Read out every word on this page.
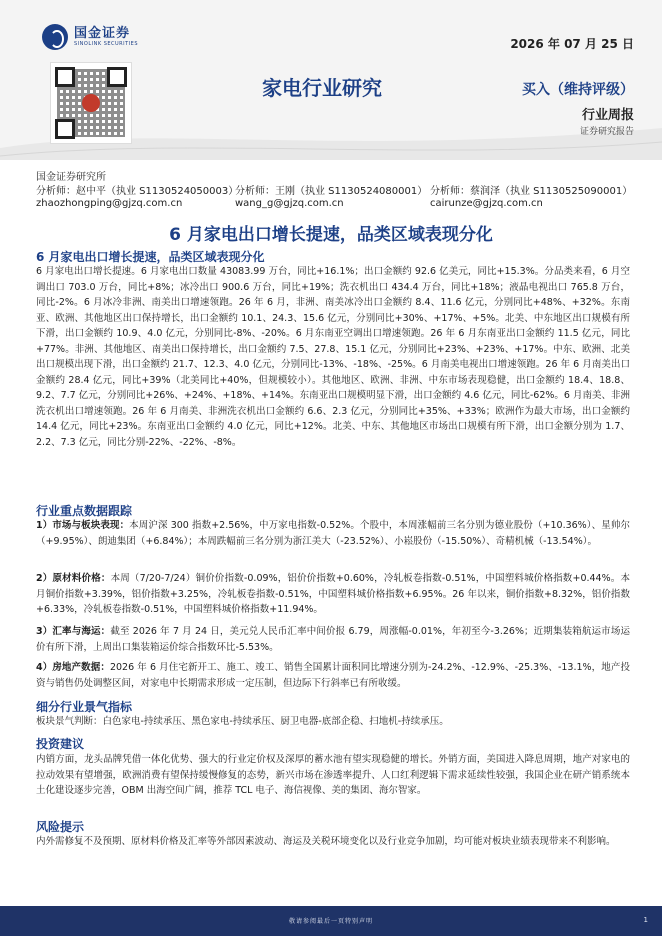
国金证券
SINOLINK SECURITIES	2026 年 07 月 25 日
家电行业研究	买入（维持评级）
行业周报
证券研究报告
国金证券研究所
分析师：赵中平（执业 S1130524050003）
zhaozhongping@gjzq.com.cn
分析师：王刚（执业 S1130524080001）
wang_g@gjzq.com.cn
分析师：蔡润泽（执业 S1130525090001）
cairunze@gjzq.com.cn
6 月家电出口增长提速，品类区域表现分化
6 月家电出口增长提速，品类区域表现分化
6 月家电出口增长提速。6 月家电出口数量 43083.99 万台，同比+16.1%；出口金额约 92.6 亿美元，同比+15.3%。分品类来看，6 月空调出口 703.0 万台，同比+8%；冰冷出口 900.6 万台，同比+19%；洗衣机出口 434.4 万台，同比+18%；液晶电视出口 765.8 万台，同比-2%。6 月冰冷非洲、南美出口增速领跑。26 年 6 月，非洲、南美冰冷出口金额约 8.4、11.6 亿元，分别同比+48%、+32%。东南亚、欧洲、其他地区出口保持增长，出口金额约 10.1、24.3、15.6 亿元，分别同比+30%、+17%、+5%。北美、中东地区出口规模有所下滑，出口金额约 10.9、4.0 亿元，分别同比-8%、-20%。6 月东南亚空调出口增速领跑。26 年 6 月东南亚出口金额约 11.5 亿元，同比+77%。非洲、其他地区、南美出口保持增长，出口金额约 7.5、27.8、15.1 亿元，分别同比+23%、+23%、+17%。中东、欧洲、北美出口规模出现下滑，出口金额约 21.7、12.3、4.0 亿元，分别同比-13%、-18%、-25%。6 月南美电视出口增速领跑。26 年 6 月南美出口金额约 28.4 亿元，同比+39%（北美同比+40%，但规模较小）。其他地区、欧洲、非洲、中东市场表现稳健，出口金额约 18.4、18.8、9.2、7.7 亿元，分别同比+26%、+24%、+18%、+14%。东南亚出口规模明显下滑，出口金额约 4.6 亿元，同比-62%。6 月南美、非洲洗衣机出口增速领跑。26 年 6 月南美、非洲洗衣机出口金额约 6.6、2.3 亿元，分别同比+35%、+33%；欧洲作为最大市场，出口金额约 14.4 亿元，同比+23%。东南亚出口金额约 4.0 亿元，同比+12%。北美、中东、其他地区市场出口规模有所下滑，出口金额分别为 1.7、2.2、7.3 亿元，同比分别-22%、-22%、-8%。
行业重点数据跟踪
1）市场与板块表现：本周沪深 300 指数+2.56%，中万家电指数-0.52%。个股中，本周涨幅前三名分别为德业股份（+10.36%）、星帅尔（+9.95%）、朗迪集团（+6.84%）；本周跌幅前三名分别为浙江美大（-23.52%）、小崧股份（-15.50%）、奇精机械（-13.54%）。
2）原材料价格：本周（7/20-7/24）铜价价指数-0.09%，铝价价指数+0.60%，冷轧板卷指数-0.51%，中国塑料城价格指数+0.44%。本月铜价指数+3.39%，铝价指数+3.25%，冷轧板卷指数-0.51%，中国塑料城价格指数+6.95%。26 年以来，铜价指数+8.32%，铝价指数+6.33%，冷轧板卷指数-0.51%，中国塑料城价格指数+11.94%。
3）汇率与海运：截至 2026 年 7 月 24 日，美元兑人民币汇率中间价报 6.79，周涨幅-0.01%，年初至今-3.26%；近期集装箱航运市场运价有所下滑，上周出口集装箱运价综合指数环比-5.53%。
4）房地产数据：2026 年 6 月住宅新开工、施工、竣工、销售全国累计面积同比增速分别为-24.2%、-12.9%、-25.3%、-13.1%，地产投资与销售仍处调整区间，对家电中长期需求形成一定压制，但边际下行斜率已有所收缓。
细分行业景气指标
板块景气判断：白色家电-持续承压、黑色家电-持续承压、厨卫电器-底部企稳、扫地机-持续承压。
投资建议
内销方面，龙头品牌凭借一体化优势、强大的行业定价权及深厚的蓄水池有望实现稳健的增长。外销方面，美国进入降息周期，地产对家电的拉动效果有望增强，欧洲消费有望保持缓慢修复的态势，新兴市场在渗透率提升、人口红利逻辑下需求延续性较强，我国企业在研产销系统本土化建设逐步完善，OBM 出海空间广阔，推荐 TCL 电子、海信视像、美的集团、海尔智家。
风险提示
内外需修复不及预期、原材料价格及汇率等外部因素波动、海运及关税环境变化以及行业竞争加剧，均可能对板块业绩表现带来不利影响。
敬请参阅最后一页特别声明	1
